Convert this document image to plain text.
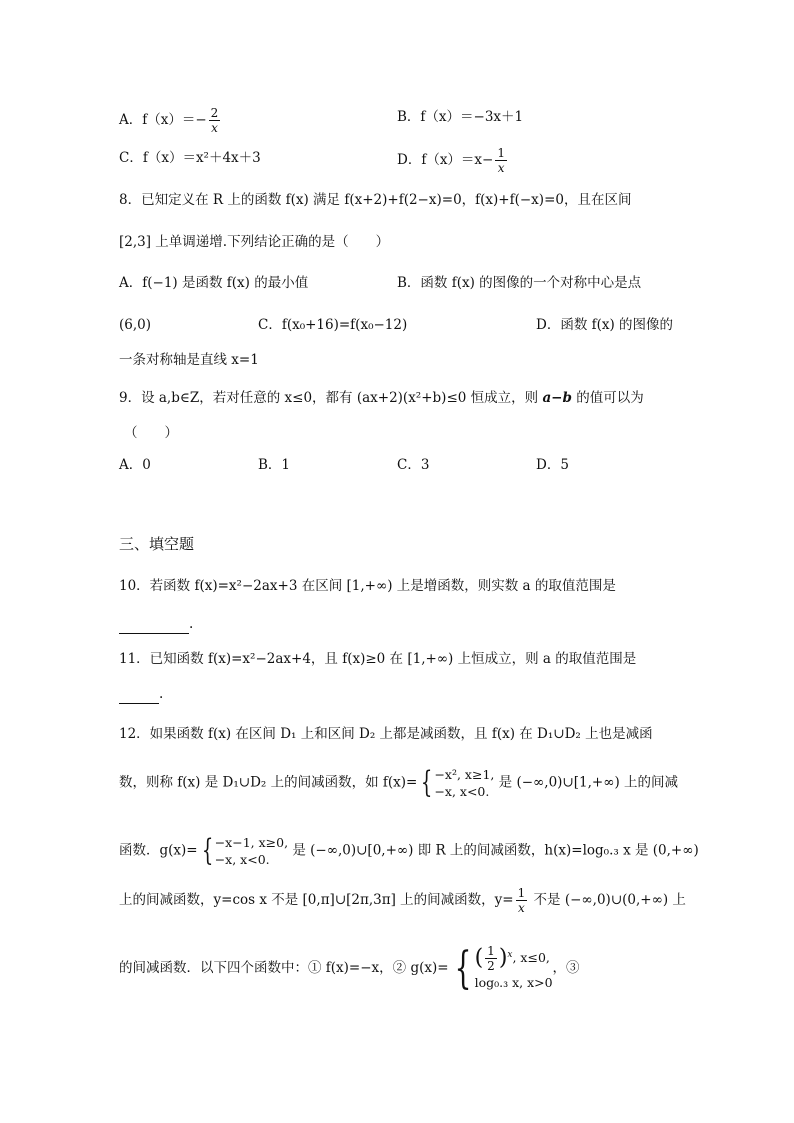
A．$f(x)=- \frac{2}{x}$	B．f（x）＝−3x＋1
C．f（x）＝x²＋4x＋3	D．$f(x)=x- \frac{1}{x}$
8．已知定义在 R 上的函数 f(x) 满足 f(x+2)+f(2−x)=0，f(x)+f(−x)=0，且在区间
[2,3] 上单调递增.下列结论正确的是（　　）
A．f(−1) 是函数 f(x) 的最小值	B．函数 f(x) 的图像的一个对称中心是点
(6,0)	C．f(x₀+16)=f(x₀−12)	D．函数 f(x) 的图像的
一条对称轴是直线 x=1
9．设 a,b∈Z，若对任意的 x≤0，都有 (ax+2)(x²+b)≤0 恒成立，则 a−b 的值可以为
（　　）
A．0	B．1	C．3	D．5
三、填空题
10．若函数 f(x)=x²−2ax+3 在区间 [1,+∞) 上是增函数，则实数 a 的取值范围是
.
11．已知函数 f(x)=x²−2ax+4，且 f(x)≥0 在 [1,+∞) 上恒成立，则 a 的取值范围是
.
12．如果函数 f(x) 在区间 D₁ 上和区间 D₂ 上都是减函数，且 f(x) 在 D₁∪D₂ 上也是减函
数，则称 f(x) 是 D₁∪D₂ 上的间减函数，如 f(x)= { −x², x≥1,
−x, x<0.
是 (−∞,0)∪[1,+∞) 上的间减
函数．g(x)= { −x−1, x≥0,
−x, x<0.
是 (−∞,0)∪[0,+∞) 即 R 上的间减函数，h(x)=log₀.₃ x 是 (0,+∞)
上的间减函数，y=cos x 不是 [0,π]∪[2π,3π] 上的间减函数，$y= \frac{1}{x}$ 不是 (−∞,0)∪(0,+∞) 上
的间减函数．以下四个函数中：① f(x)=−x，② g(x)= { ( $\frac{1}{2} )^x$, x≤0,
log₀.₃ x, x>0
，③
